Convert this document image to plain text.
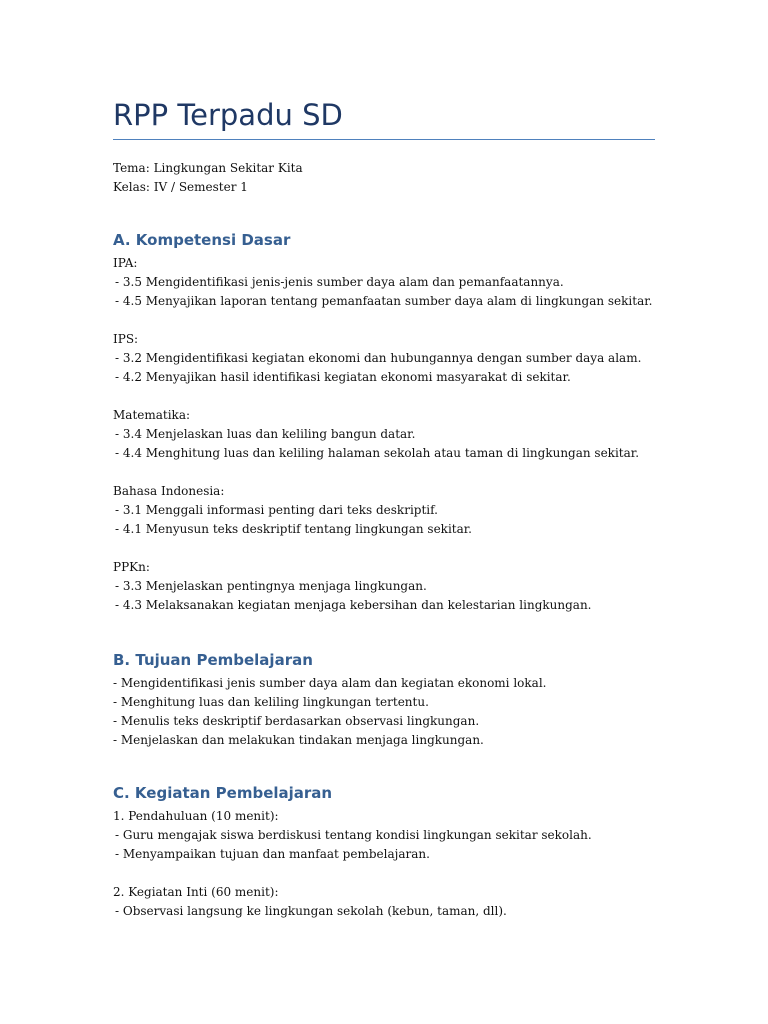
RPP Terpadu SD
Tema: Lingkungan Sekitar Kita
Kelas: IV / Semester 1
A. Kompetensi Dasar
IPA:
- 3.5 Mengidentifikasi jenis-jenis sumber daya alam dan pemanfaatannya.
- 4.5 Menyajikan laporan tentang pemanfaatan sumber daya alam di lingkungan sekitar.
IPS:
- 3.2 Mengidentifikasi kegiatan ekonomi dan hubungannya dengan sumber daya alam.
- 4.2 Menyajikan hasil identifikasi kegiatan ekonomi masyarakat di sekitar.
Matematika:
- 3.4 Menjelaskan luas dan keliling bangun datar.
- 4.4 Menghitung luas dan keliling halaman sekolah atau taman di lingkungan sekitar.
Bahasa Indonesia:
- 3.1 Menggali informasi penting dari teks deskriptif.
- 4.1 Menyusun teks deskriptif tentang lingkungan sekitar.
PPKn:
- 3.3 Menjelaskan pentingnya menjaga lingkungan.
- 4.3 Melaksanakan kegiatan menjaga kebersihan dan kelestarian lingkungan.
B. Tujuan Pembelajaran
- Mengidentifikasi jenis sumber daya alam dan kegiatan ekonomi lokal.
- Menghitung luas dan keliling lingkungan tertentu.
- Menulis teks deskriptif berdasarkan observasi lingkungan.
- Menjelaskan dan melakukan tindakan menjaga lingkungan.
C. Kegiatan Pembelajaran
1. Pendahuluan (10 menit):
- Guru mengajak siswa berdiskusi tentang kondisi lingkungan sekitar sekolah.
- Menyampaikan tujuan dan manfaat pembelajaran.
2. Kegiatan Inti (60 menit):
- Observasi langsung ke lingkungan sekolah (kebun, taman, dll).
